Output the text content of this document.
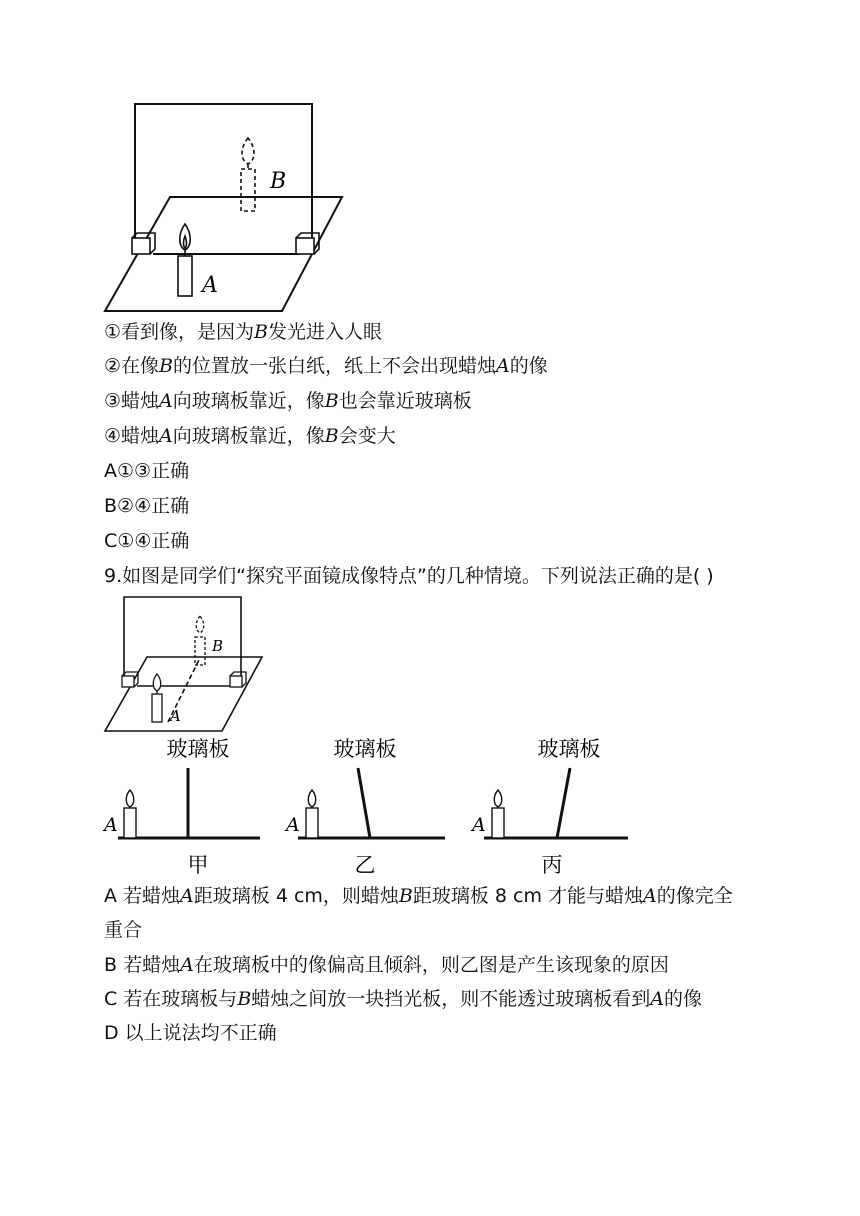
B
A
①看到像，是因为B发光进入人眼
②在像B的位置放一张白纸，纸上不会出现蜡烛A的像
③蜡烛A向玻璃板靠近，像B也会靠近玻璃板
④蜡烛A向玻璃板靠近，像B会变大
A①③正确
B②④正确
C①④正确
9.如图是同学们“探究平面镜成像特点”的几种情境。下列说法正确的是( )
B
A
玻璃板
A
甲
玻璃板
A
乙
玻璃板
A
丙
A 若蜡烛A距玻璃板 4 cm，则蜡烛B距玻璃板 8 cm 才能与蜡烛A的像完全
重合
B 若蜡烛A在玻璃板中的像偏高且倾斜，则乙图是产生该现象的原因
C 若在玻璃板与B蜡烛之间放一块挡光板，则不能透过玻璃板看到A的像
D 以上说法均不正确
